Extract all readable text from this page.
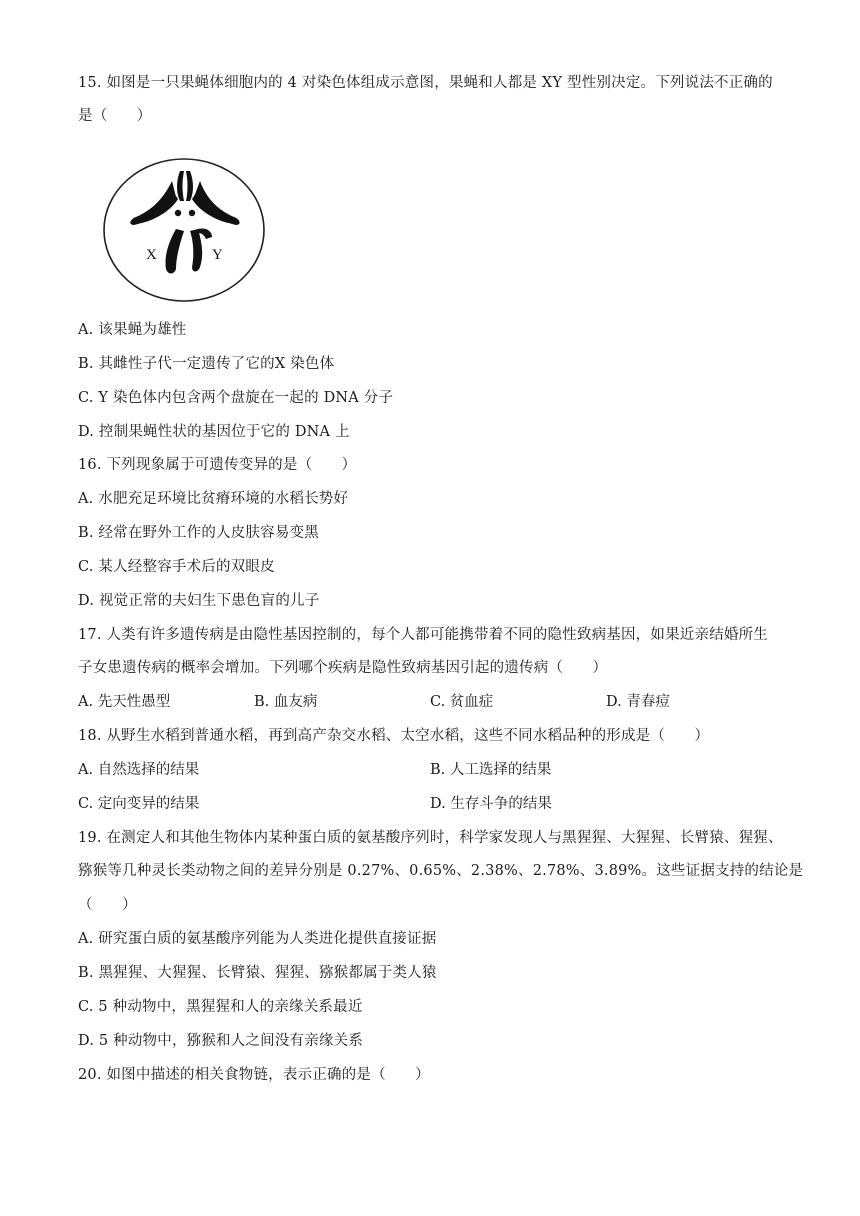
15. 如图是一只果蝇体细胞内的 4 对染色体组成示意图，果蝇和人都是 XY 型性别决定。下列说法不正确的
是（　　）
X	Y
A. 该果蝇为雄性
B. 其雌性子代一定遗传了它的X 染色体
C. Y 染色体内包含两个盘旋在一起的 DNA 分子
D. 控制果蝇性状的基因位于它的 DNA 上
16. 下列现象属于可遗传变异的是（　　）
A. 水肥充足环境比贫瘠环境的水稻长势好
B. 经常在野外工作的人皮肤容易变黑
C. 某人经整容手术后的双眼皮
D. 视觉正常的夫妇生下患色盲的儿子
17. 人类有许多遗传病是由隐性基因控制的，每个人都可能携带着不同的隐性致病基因，如果近亲结婚所生
子女患遗传病的概率会增加。下列哪个疾病是隐性致病基因引起的遗传病（　　）
A. 先天性愚型	B. 血友病	C. 贫血症	D. 青春痘
18. 从野生水稻到普通水稻，再到高产杂交水稻、太空水稻，这些不同水稻品种的形成是（　　）
A. 自然选择的结果	B. 人工选择的结果
C. 定向变异的结果	D. 生存斗争的结果
19. 在测定人和其他生物体内某种蛋白质的氨基酸序列时，科学家发现人与黑猩猩、大猩猩、长臂猿、猩猩、
猕猴等几种灵长类动物之间的差异分别是 0.27%、0.65%、2.38%、2.78%、3.89%。这些证据支持的结论是
（　　）
A. 研究蛋白质的氨基酸序列能为人类进化提供直接证据
B. 黑猩猩、大猩猩、长臂猿、猩猩、猕猴都属于类人猿
C. 5 种动物中，黑猩猩和人的亲缘关系最近
D. 5 种动物中，猕猴和人之间没有亲缘关系
20. 如图中描述的相关食物链，表示正确的是（　　）
